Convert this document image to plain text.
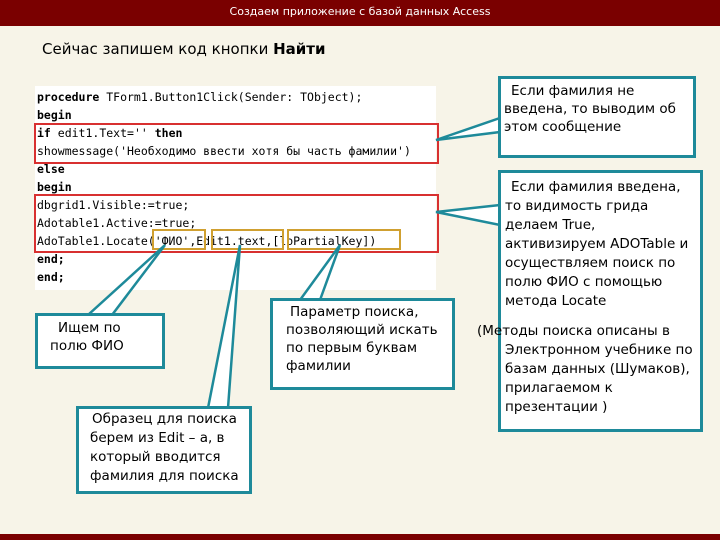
Создаем приложение с базой данных Access
Сейчас запишем код кнопки Найти
procedure TForm1.Button1Click(Sender: TObject);
begin
if edit1.Text='' then
showmessage('Необходимо ввести хотя бы часть фамилии')
else
begin
dbgrid1.Visible:=true;
Adotable1.Active:=true;
AdoTable1.Locate('ФИО',Edit1.text,[loPartialKey])
end;
end;
Если фамилия не
введена, то выводим об
этом сообщение
Если фамилия введена,
то видимость грида
делаем True,
активизируем ADOTable и
осуществляем поиск по
полю ФИО с помощью
метода Locate
(Методы поиска описаны в
Электронном учебнике по
базам данных (Шумаков),
прилагаемом к
презентации )
Ищем по
полю ФИО
Параметр поиска,
позволяющий искать
по первым буквам
фамилии
Образец для поиска
берем из Edit – a, в
который вводится
фамилия для поиска
